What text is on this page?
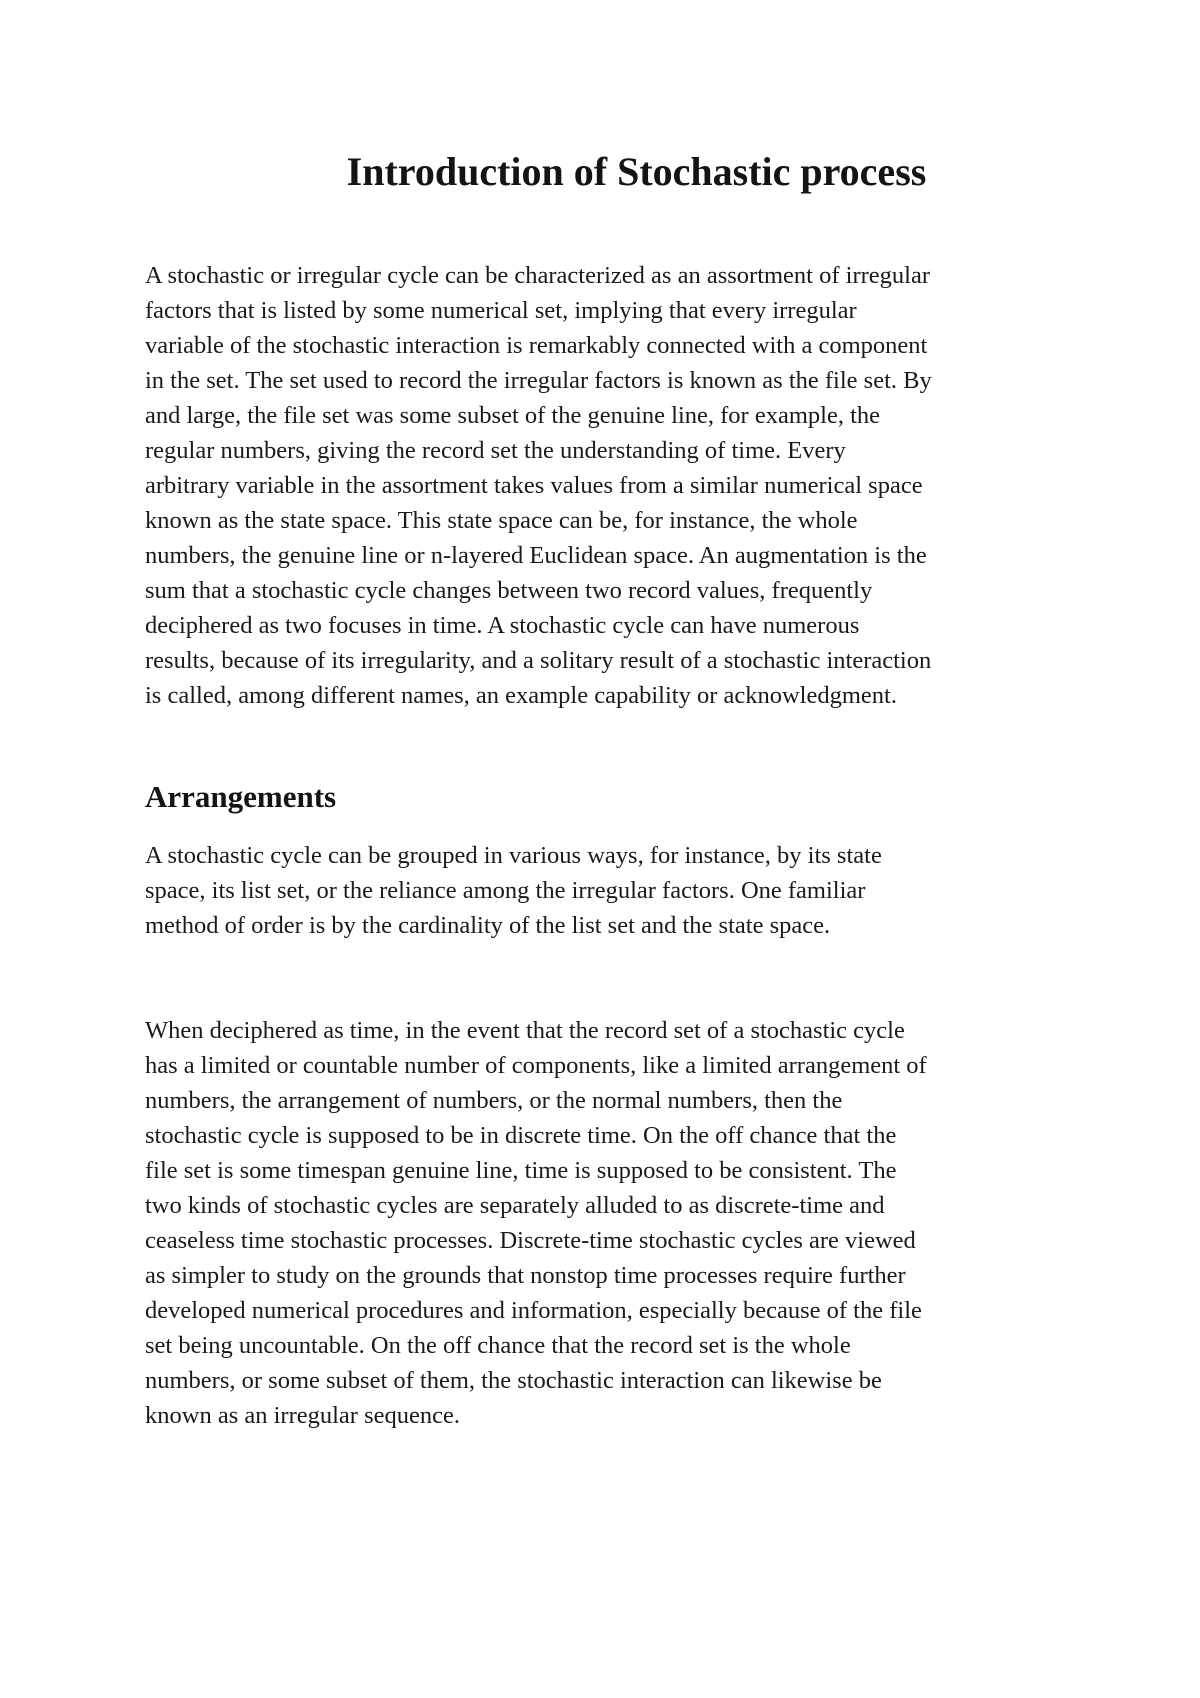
Introduction of Stochastic process

A stochastic or irregular cycle can be characterized as an assortment of irregular
factors that is listed by some numerical set, implying that every irregular
variable of the stochastic interaction is remarkably connected with a component
in the set. The set used to record the irregular factors is known as the file set. By
and large, the file set was some subset of the genuine line, for example, the
regular numbers, giving the record set the understanding of time. Every
arbitrary variable in the assortment takes values from a similar numerical space
known as the state space. This state space can be, for instance, the whole
numbers, the genuine line or n-layered Euclidean space. An augmentation is the
sum that a stochastic cycle changes between two record values, frequently
deciphered as two focuses in time. A stochastic cycle can have numerous
results, because of its irregularity, and a solitary result of a stochastic interaction
is called, among different names, an example capability or acknowledgment.

Arrangements

A stochastic cycle can be grouped in various ways, for instance, by its state
space, its list set, or the reliance among the irregular factors. One familiar
method of order is by the cardinality of the list set and the state space.

When deciphered as time, in the event that the record set of a stochastic cycle
has a limited or countable number of components, like a limited arrangement of
numbers, the arrangement of numbers, or the normal numbers, then the
stochastic cycle is supposed to be in discrete time. On the off chance that the
file set is some timespan genuine line, time is supposed to be consistent. The
two kinds of stochastic cycles are separately alluded to as discrete-time and
ceaseless time stochastic processes. Discrete-time stochastic cycles are viewed
as simpler to study on the grounds that nonstop time processes require further
developed numerical procedures and information, especially because of the file
set being uncountable. On the off chance that the record set is the whole
numbers, or some subset of them, the stochastic interaction can likewise be
known as an irregular sequence.
